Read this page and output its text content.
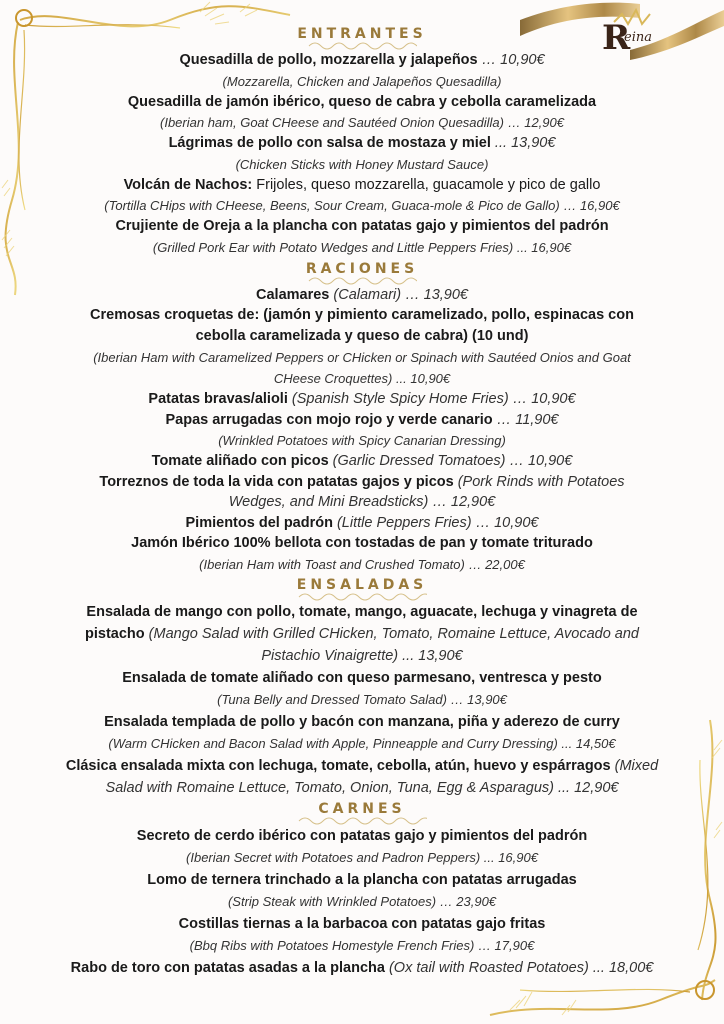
R
eina

ENTRANTES

Quesadilla de pollo, mozzarella y jalapeños … 10,90€

(Mozzarella, Chicken and Jalapeños Quesadilla)

Quesadilla de jamón ibérico, queso de cabra y cebolla caramelizada

(Iberian ham, Goat CHeese and Sautéed Onion Quesadilla) … 12,90€

Lágrimas de pollo con salsa de mostaza y miel ... 13,90€

(Chicken Sticks with Honey Mustard Sauce)

Volcán de Nachos: Frijoles, queso mozzarella, guacamole y pico de gallo

(Tortilla CHips with CHeese, Beens, Sour Cream, Guaca-mole & Pico de Gallo) … 16,90€

Crujiente de Oreja a la plancha con patatas gajo y pimientos del padrón

(Grilled Pork Ear with Potato Wedges and Little Peppers Fries) ... 16,90€

RACIONES

Calamares (Calamari) … 13,90€

Cremosas croquetas de: (jamón y pimiento caramelizado, pollo, espinacas con

cebolla caramelizada y queso de cabra) (10 und)

(Iberian Ham with Caramelized Peppers or CHicken or Spinach with Sautéed Onios and Goat

CHeese Croquettes) ... 10,90€

Patatas bravas/alioli (Spanish Style Spicy Home Fries) … 10,90€

Papas arrugadas con mojo rojo y verde canario … 11,90€

(Wrinkled Potatoes with Spicy Canarian Dressing)

Tomate aliñado con picos (Garlic Dressed Tomatoes) … 10,90€

Torreznos de toda la vida con patatas gajos y picos (Pork Rinds with Potatoes

Wedges, and Mini Breadsticks) … 12,90€

Pimientos del padrón (Little Peppers Fries) … 10,90€

Jamón Ibérico 100% bellota con tostadas de pan y tomate triturado

(Iberian Ham with Toast and Crushed Tomato) … 22,00€

ENSALADAS

Ensalada de mango con pollo, tomate, mango, aguacate, lechuga y vinagreta de

pistacho (Mango Salad with Grilled CHicken, Tomato, Romaine Lettuce, Avocado and

Pistachio Vinaigrette) ... 13,90€

Ensalada de tomate aliñado con queso parmesano, ventresca y pesto

(Tuna Belly and Dressed Tomato Salad) … 13,90€

Ensalada templada de pollo y bacón con manzana, piña y aderezo de curry

(Warm CHicken and Bacon Salad with Apple, Pinneapple and Curry Dressing) ... 14,50€

Clásica ensalada mixta con lechuga, tomate, cebolla, atún, huevo y espárragos (Mixed

Salad with Romaine Lettuce, Tomato, Onion, Tuna, Egg & Asparagus) ... 12,90€

CARNES

Secreto de cerdo ibérico con patatas gajo y pimientos del padrón

(Iberian Secret with Potatoes and Padron Peppers) ... 16,90€

Lomo de ternera trinchado a la plancha con patatas arrugadas

(Strip Steak with Wrinkled Potatoes) … 23,90€

Costillas tiernas a la barbacoa con patatas gajo fritas

(Bbq Ribs with Potatoes Homestyle French Fries) … 17,90€

Rabo de toro con patatas asadas a la plancha (Ox tail with Roasted Potatoes) ... 18,00€
